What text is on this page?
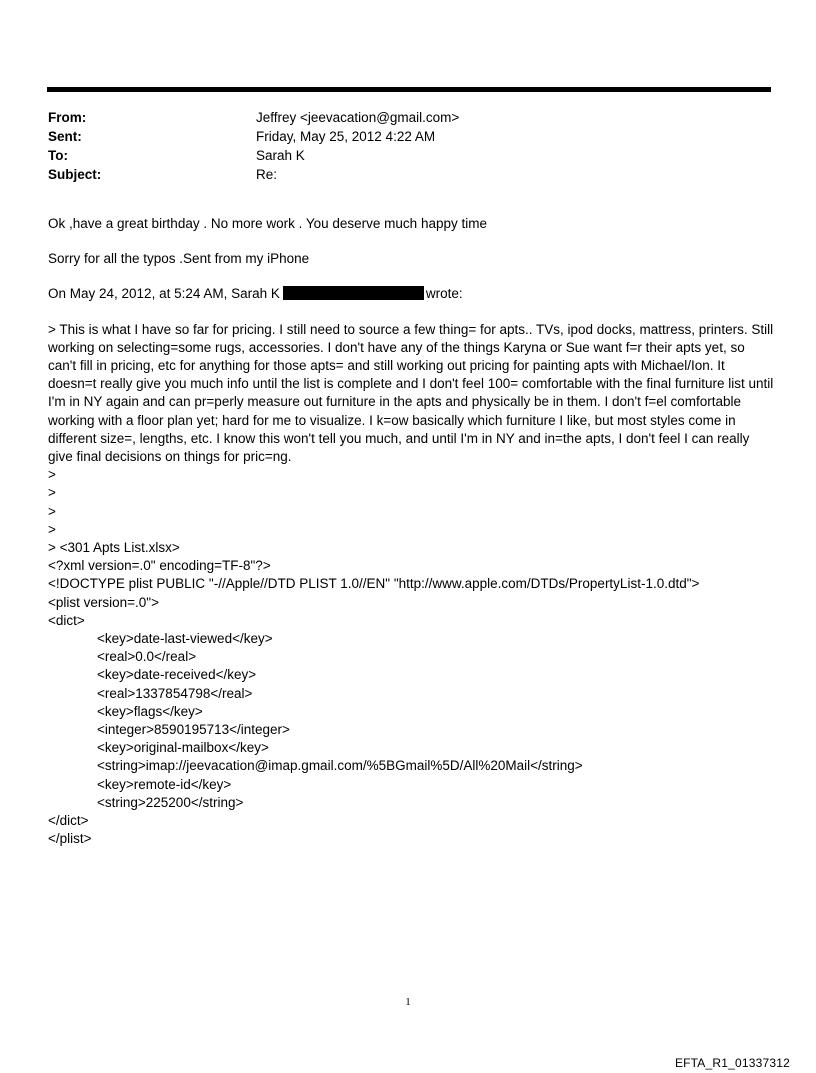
From:	Jeffrey <jeevacation@gmail.com>
Sent:	Friday, May 25, 2012 4:22 AM
To:	Sarah K
Subject:	Re:

Ok ,have a great birthday . No more work . You deserve much happy time

Sorry for all the typos .Sent from my iPhone

On May 24, 2012, at 5:24 AM, Sarah K	wrote:

> This is what I have so far for pricing. I still need to source a few thing= for apts.. TVs, ipod docks, mattress, printers. Still working on selecting=some rugs, accessories. I don't have any of the things Karyna or Sue want f=r their apts yet, so can't fill in pricing, etc for anything for those apts= and still working out pricing for painting apts with Michael/Ion. It doesn=t really give you much info until the list is complete and I don't feel 100= comfortable with the final furniture list until I'm in NY again and can pr=perly measure out furniture in the apts and physically be in them. I don't f=el comfortable working with a floor plan yet; hard for me to visualize. I k=ow basically which furniture I like, but most styles come in different size=, lengths, etc. I know this won't tell you much, and until I'm in NY and in=the apts, I don't feel I can really give final decisions on things for pric=ng.

>
>
>
>
> <301 Apts List.xlsx>
<?xml version=.0" encoding=TF-8"?>
<!DOCTYPE plist PUBLIC "-//Apple//DTD PLIST 1.0//EN" "http://www.apple.com/DTDs/PropertyList-1.0.dtd">
<plist version=.0">
<dict>
<key>date-last-viewed</key>
<real>0.0</real>
<key>date-received</key>
<real>1337854798</real>
<key>flags</key>
<integer>8590195713</integer>
<key>original-mailbox</key>
<string>imap://jeevacation@imap.gmail.com/%5BGmail%5D/All%20Mail</string>
<key>remote-id</key>
<string>225200</string>
</dict>
</plist>
1
EFTA_R1_01337312
